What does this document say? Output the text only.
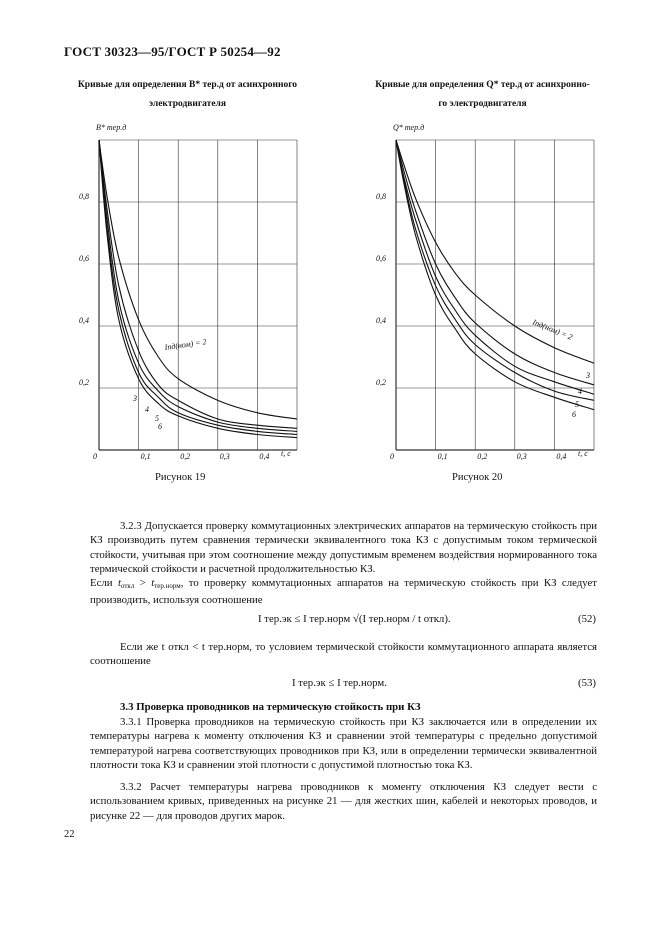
ГОСТ 30323—95/ГОСТ Р 50254—92
Кривые для определения B* тер.д от асинхронного
электродвигателя
Кривые для определения Q* тер.д от асинхронно-
го электродвигателя
B* тер.д
t, c
Iпд(ном) = 2
0,8
0,6
0,4
0,2
0	0,1	0,2	0,3	0,4
3
4
5
6
Q* тер.д
t, c
Iпд(ном) = 2
0,8
0,6
0,4
0,2
0	0,1	0,2	0,3	0,4
3
4
5
6
Рисунок 19	Рисунок 20
3.2.3 Допускается проверку коммутационных электрических аппаратов на термическую стойкость при КЗ производить путем сравнения термически эквивалентного тока КЗ с допустимым током термической стойкости, учитывая при этом соотношение между допустимым временем воздействия нормированного тока термической стойкости и расчетной продолжительностью КЗ.
Если $t_{откл} > t_{тер.норм}$, то проверку коммутационных аппаратов на термическую стойкость при КЗ следует производить, используя соотношение
I тер.эк ≤ I тер.норм √(I тер.норм / t откл).	(52)
Если же t откл < t тер.норм, то условием термической стойкости коммутационного аппарата является соотношение
I тер.эк ≤ I тер.норм.	(53)
3.3 Проверка проводников на термическую стойкость при КЗ
3.3.1 Проверка проводников на термическую стойкость при КЗ заключается или в определении их температуры нагрева к моменту отключения КЗ и сравнении этой температуры с предельно допустимой температурой нагрева соответствующих проводников при КЗ, или в определении термически эквивалентной плотности тока КЗ и сравнении этой плотности с допустимой плотностью тока КЗ.
3.3.2 Расчет температуры нагрева проводников к моменту отключения КЗ следует вести с использованием кривых, приведенных на рисунке 21 — для жестких шин, кабелей и некоторых проводов, и рисунке 22 — для проводов других марок.
22
